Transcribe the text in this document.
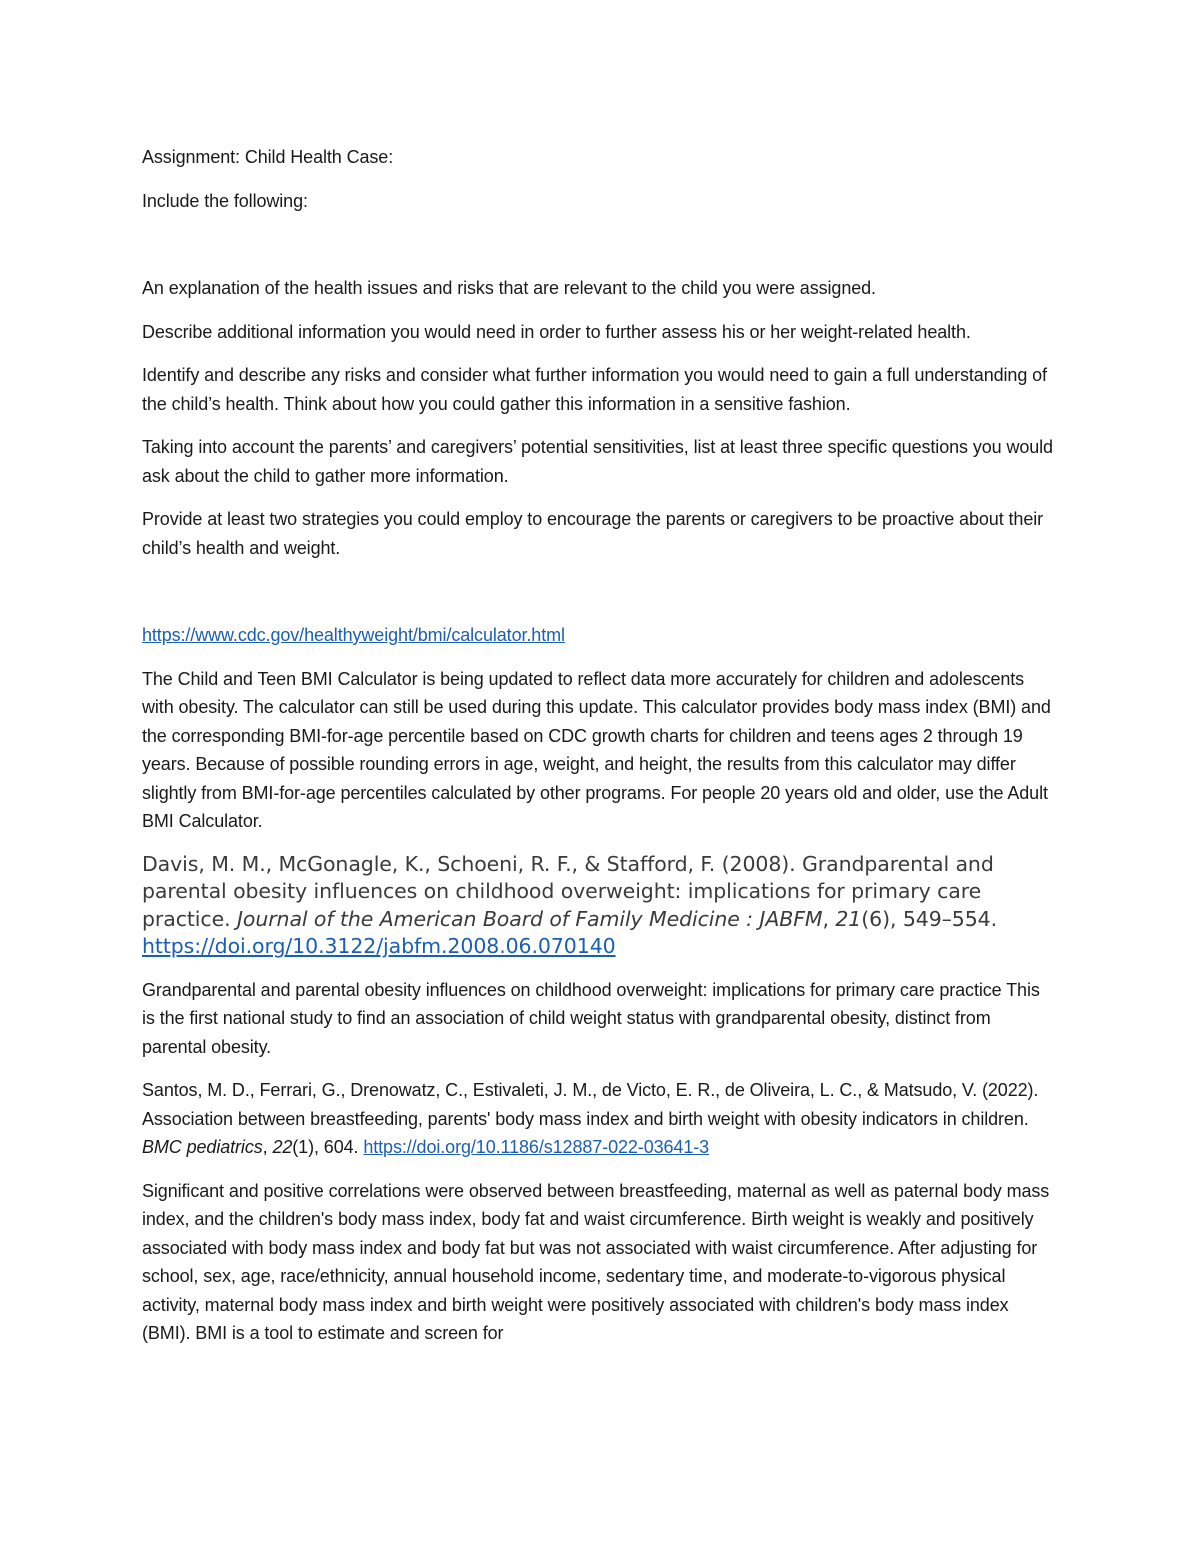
Assignment: Child Health Case:

Include the following:

An explanation of the health issues and risks that are relevant to the child you were assigned.

Describe additional information you would need in order to further assess his or her weight-related health.

Identify and describe any risks and consider what further information you would need to gain a full understanding of the child’s health. Think about how you could gather this information in a sensitive fashion.

Taking into account the parents’ and caregivers’ potential sensitivities, list at least three specific questions you would ask about the child to gather more information.

Provide at least two strategies you could employ to encourage the parents or caregivers to be proactive about their child’s health and weight.

https://www.cdc.gov/healthyweight/bmi/calculator.html

The Child and Teen BMI Calculator is being updated to reflect data more accurately for children and adolescents with obesity. The calculator can still be used during this update. This calculator provides body mass index (BMI) and the corresponding BMI-for-age percentile based on CDC growth charts for children and teens ages 2 through 19 years. Because of possible rounding errors in age, weight, and height, the results from this calculator may differ slightly from BMI-for-age percentiles calculated by other programs. For people 20 years old and older, use the Adult BMI Calculator.

Davis, M. M., McGonagle, K., Schoeni, R. F., & Stafford, F. (2008). Grandparental and parental obesity influences on childhood overweight: implications for primary care practice. Journal of the American Board of Family Medicine : JABFM, 21(6), 549–554. https://doi.org/10.3122/jabfm.2008.06.070140

Grandparental and parental obesity influences on childhood overweight: implications for primary care practice This is the first national study to find an association of child weight status with grandparental obesity, distinct from parental obesity.

Santos, M. D., Ferrari, G., Drenowatz, C., Estivaleti, J. M., de Victo, E. R., de Oliveira, L. C., & Matsudo, V. (2022). Association between breastfeeding, parents' body mass index and birth weight with obesity indicators in children. BMC pediatrics, 22(1), 604. https://doi.org/10.1186/s12887-022-03641-3

Significant and positive correlations were observed between breastfeeding, maternal as well as paternal body mass index, and the children's body mass index, body fat and waist circumference. Birth weight is weakly and positively associated with body mass index and body fat but was not associated with waist circumference. After adjusting for school, sex, age, race/ethnicity, annual household income, sedentary time, and moderate-to-vigorous physical activity, maternal body mass index and birth weight were positively associated with children's body mass index (BMI). BMI is a tool to estimate and screen for
